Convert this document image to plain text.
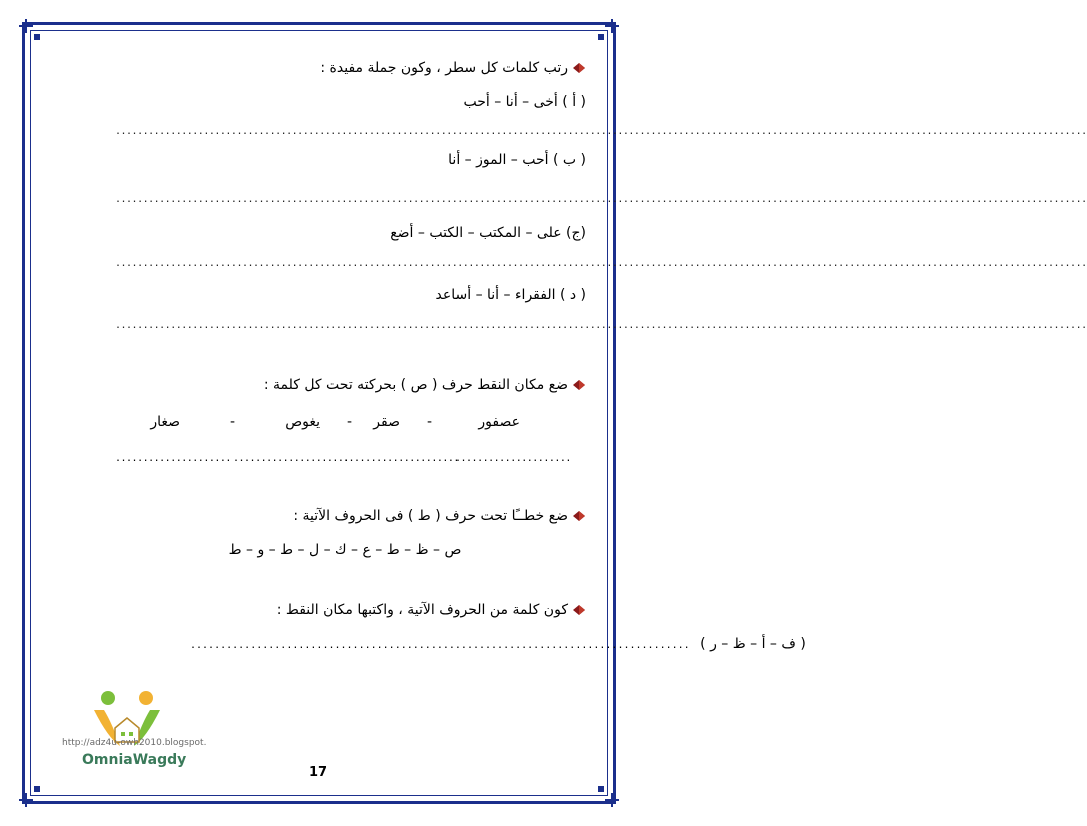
رتب كلمات كل سطر ، وكون جملة مفيدة :
( أ ) أخى – أنا – أحب
................................................................................................................................................................................
( ب ) أحب – الموز – أنا
................................................................................................................................................................................
(ج) على – المكتب – الكتب – أضع
................................................................................................................................................................................
( د ) الفقراء – أنا – أساعد
................................................................................................................................................................................
ضع مكان النقط حرف ( ص ) بحركته تحت كل كلمة :
عصفور
-
صقر
-
يغوص
-
صغار
.....................
.....................
.....................
.....................
ضع خطــًا تحت حرف ( ط ) فى الحروف الآتية :
ص – ظ – ط – ع – ك – ل – ط – و – ط
كون كلمة من الحروف الآتية ، واكتبها مكان النقط :
................................................................................... ( ف – أ – ظ – ر )
http://adz4u-owh2010.blogspot.
OmniaWagdy
17
